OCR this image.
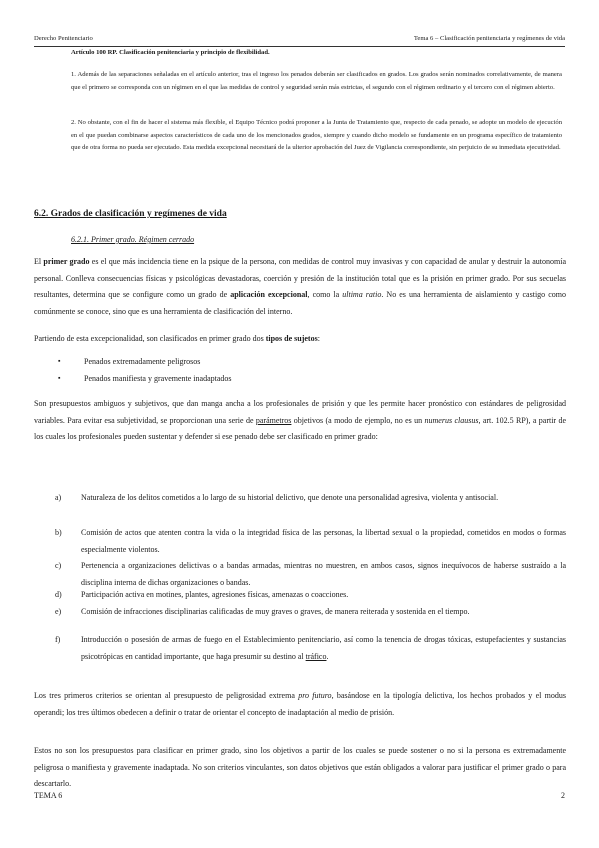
Derecho Penitenciario	Tema 6 – Clasificación penitenciaria y regímenes de vida

Artículo 100 RP. Clasificación penitenciaria y principio de flexibilidad.

1. Además de las separaciones señaladas en el artículo anterior, tras el ingreso los penados deberán ser clasificados en grados. Los grados serán nominados correlativamente, de manera que el primero se corresponda con un régimen en el que las medidas de control y seguridad serán más estrictas, el segundo con el régimen ordinario y el tercero con el régimen abierto.

2. No obstante, con el fin de hacer el sistema más flexible, el Equipo Técnico podrá proponer a la Junta de Tratamiento que, respecto de cada penado, se adopte un modelo de ejecución en el que puedan combinarse aspectos característicos de cada uno de los mencionados grados, siempre y cuando dicho modelo se fundamente en un programa específico de tratamiento que de otra forma no pueda ser ejecutado. Esta medida excepcional necesitará de la ulterior aprobación del Juez de Vigilancia correspondiente, sin perjuicio de su inmediata ejecutividad.

6.2. Grados de clasificación y regímenes de vida
6.2.1. Primer grado. Régimen cerrado

El primer grado es el que más incidencia tiene en la psique de la persona, con medidas de control muy invasivas y con capacidad de anular y destruir la autonomía personal. Conlleva consecuencias físicas y psicológicas devastadoras, coerción y presión de la institución total que es la prisión en primer grado. Por sus secuelas resultantes, determina que se configure como un grado de aplicación excepcional, como la ultima ratio. No es una herramienta de aislamiento y castigo como comúnmente se conoce, sino que es una herramienta de clasificación del interno.

Partiendo de esta excepcionalidad, son clasificados en primer grado dos tipos de sujetos:

▪	Penados extremadamente peligrosos
▪	Penados manifiesta y gravemente inadaptados

Son presupuestos ambiguos y subjetivos, que dan manga ancha a los profesionales de prisión y que les permite hacer pronóstico con estándares de peligrosidad variables. Para evitar esa subjetividad, se proporcionan una serie de parámetros objetivos (a modo de ejemplo, no es un numerus clausus, art. 102.5 RP), a partir de los cuales los profesionales pueden sustentar y defender si ese penado debe ser clasificado en primer grado:

a) Naturaleza de los delitos cometidos a lo largo de su historial delictivo, que denote una personalidad agresiva, violenta y antisocial.
b) Comisión de actos que atenten contra la vida o la integridad física de las personas, la libertad sexual o la propiedad, cometidos en modos o formas especialmente violentos.
c) Pertenencia a organizaciones delictivas o a bandas armadas, mientras no muestren, en ambos casos, signos inequívocos de haberse sustraído a la disciplina interna de dichas organizaciones o bandas.
d) Participación activa en motines, plantes, agresiones físicas, amenazas o coacciones.
e) Comisión de infracciones disciplinarias calificadas de muy graves o graves, de manera reiterada y sostenida en el tiempo.
f)	Introducción o posesión de armas de fuego en el Establecimiento penitenciario, así como la tenencia de drogas tóxicas, estupefacientes y sustancias psicotrópicas en cantidad importante, que haga presumir su destino al tráfico.

Los tres primeros criterios se orientan al presupuesto de peligrosidad extrema pro futuro, basándose en la tipología delictiva, los hechos probados y el modus operandi; los tres últimos obedecen a definir o tratar de orientar el concepto de inadaptación al medio de prisión.

Estos no son los presupuestos para clasificar en primer grado, sino los objetivos a partir de los cuales se puede sostener o no si la persona es extremadamente peligrosa o manifiesta y gravemente inadaptada. No son criterios vinculantes, son datos objetivos que están obligados a valorar para justificar el primer grado o para descartarlo.

TEMA 6	2
